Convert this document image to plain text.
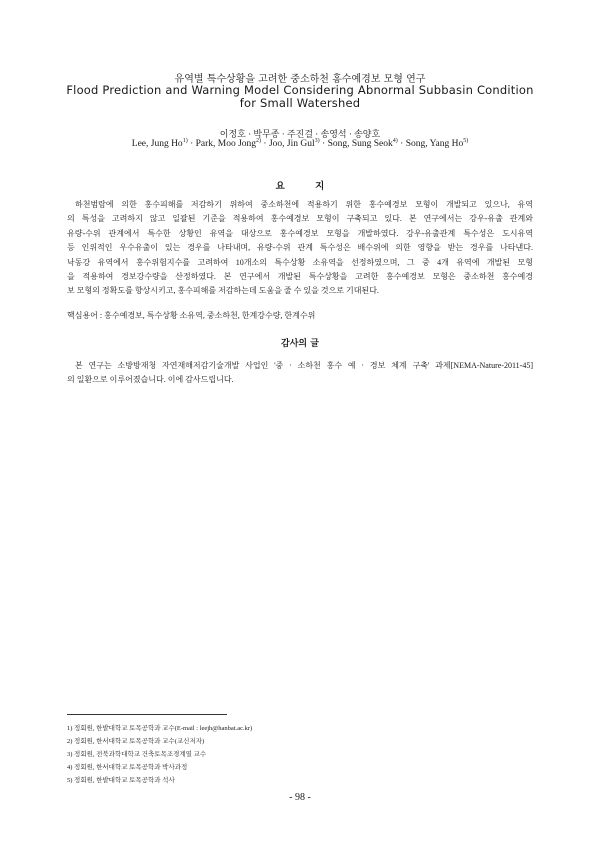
유역별 특수상황을 고려한 중소하천 홍수예경보 모형 연구
Flood Prediction and Warning Model Considering Abnormal Subbasin Condition
for Small Watershed
이정호 · 박무종 · 주진걸 · 송영석 · 송양호
Lee, Jung $Ho^{1)}$ · Park, Moo Jong$^{2)}$ · Joo, Jin Gul$^{3)}$ · Song, Sung Seok$^{4)}$ · Song, Yang Ho$^{5)}$
요 지
하천범람에 의한 홍수피해를 저감하기 위하여 중소하천에 적용하기 위한 홍수예경보 모형이 개발되고 있으나, 유역
의 특성을 고려하지 않고 일괄된 기준을 적용하여 홍수예경보 모형이 구축되고 있다. 본 연구에서는 강우-유출 관계와
유량-수위 관계에서 특수한 상황인 유역을 대상으로 홍수예경보 모형을 개발하였다. 강우-유출관계 특수성은 도시유역
등 인위적인 우수유출이 있는 경우를 나타내며, 유량-수위 관계 특수성은 배수위에 의한 영향을 받는 경우를 나타낸다.
낙동강 유역에서 홍수위험지수를 고려하여 10개소의 특수상황 소유역을 선정하였으며, 그 중 4개 유역에 개발된 모형
을 적용하여 경보강수량을 산정하였다. 본 연구에서 개발된 특수상황을 고려한 홍수예경보 모형은 중소하천 홍수예경
보 모형의 정확도를 향상시키고, 홍수피해를 저감하는데 도움을 줄 수 있을 것으로 기대된다.
핵심용어 : 홍수예경보, 특수상황 소유역, 중소하천, 한계강수량, 한계수위
감사의 글
본 연구는 소방방재청 자연재해저감기술개발 사업인 '중 · 소하천 홍수 예 · 경보 체계 구축' 과제[NEMA-Nature-2011-45]
의 일환으로 이루어졌습니다. 이에 감사드립니다.
1) 정회원, 한밭대학교 토목공학과 교수(E-mail : leejh@hanbat.ac.kr)
2) 정회원, 한서대학교 토목공학과 교수(교신저자)
3) 정회원, 전북과학대학교 건축토목조경계열 교수
4) 정회원, 한서대학교 토목공학과 박사과정
5) 정회원, 한밭대학교 토목공학과 석사
- 98 -
